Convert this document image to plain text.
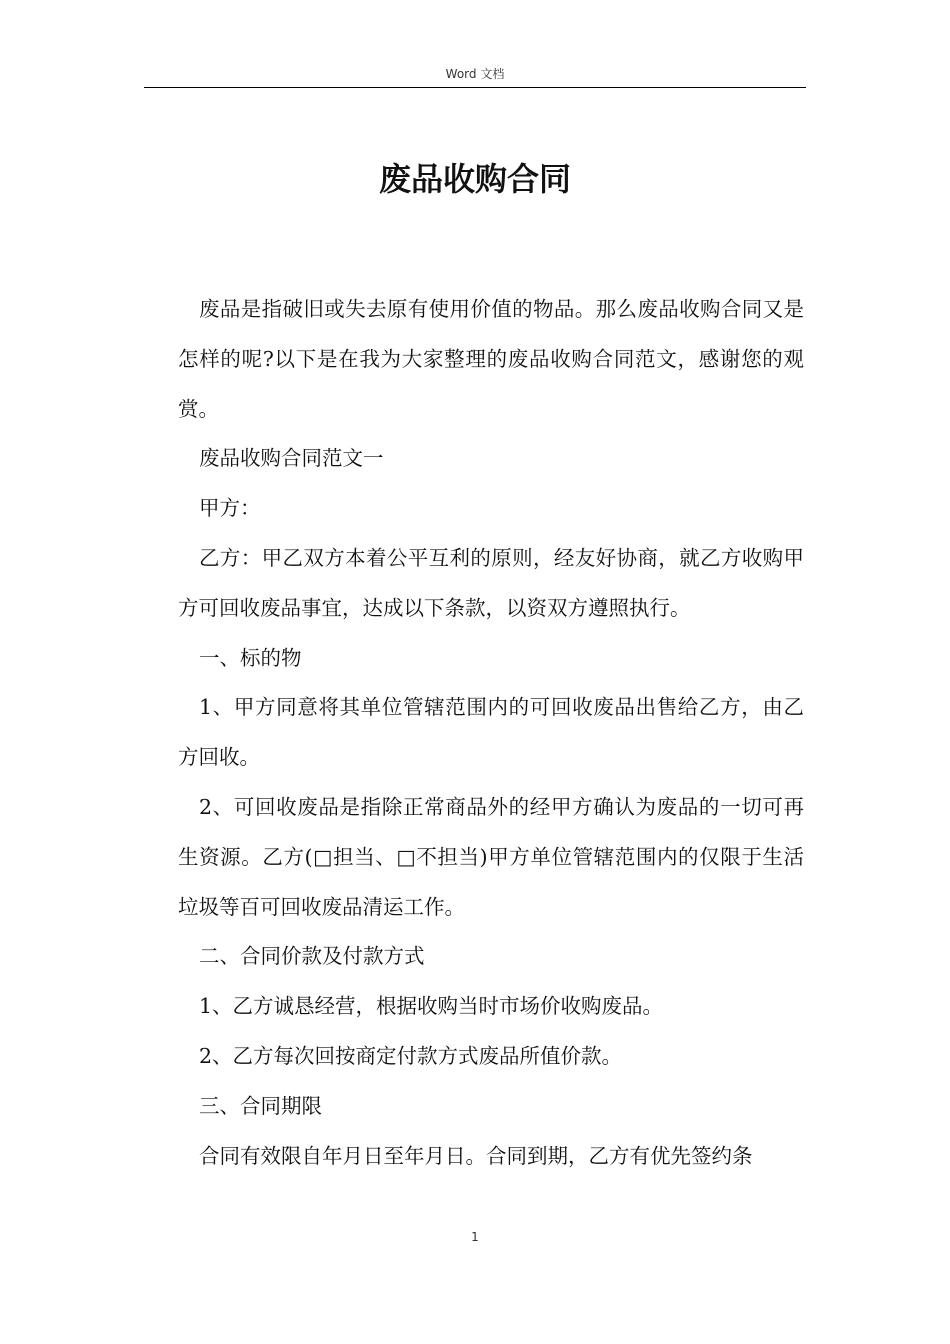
Word 文档
废品收购合同

废品是指破旧或失去原有使用价值的物品。那么废品收购合同又是怎样的呢?以下是在我为大家整理的废品收购合同范文，感谢您的观赏。

废品收购合同范文一

甲方：

乙方：甲乙双方本着公平互利的原则，经友好协商，就乙方收购甲方可回收废品事宜，达成以下条款，以资双方遵照执行。

一、标的物

1、甲方同意将其单位管辖范围内的可回收废品出售给乙方，由乙方回收。

2、可回收废品是指除正常商品外的经甲方确认为废品的一切可再生资源。乙方(□担当、□不担当)甲方单位管辖范围内的仅限于生活垃圾等百可回收废品清运工作。

二、合同价款及付款方式

1、乙方诚恳经营，根据收购当时市场价收购废品。

2、乙方每次回按商定付款方式废品所值价款。

三、合同期限

合同有效限自年月日至年月日。合同到期，乙方有优先签约条

1
